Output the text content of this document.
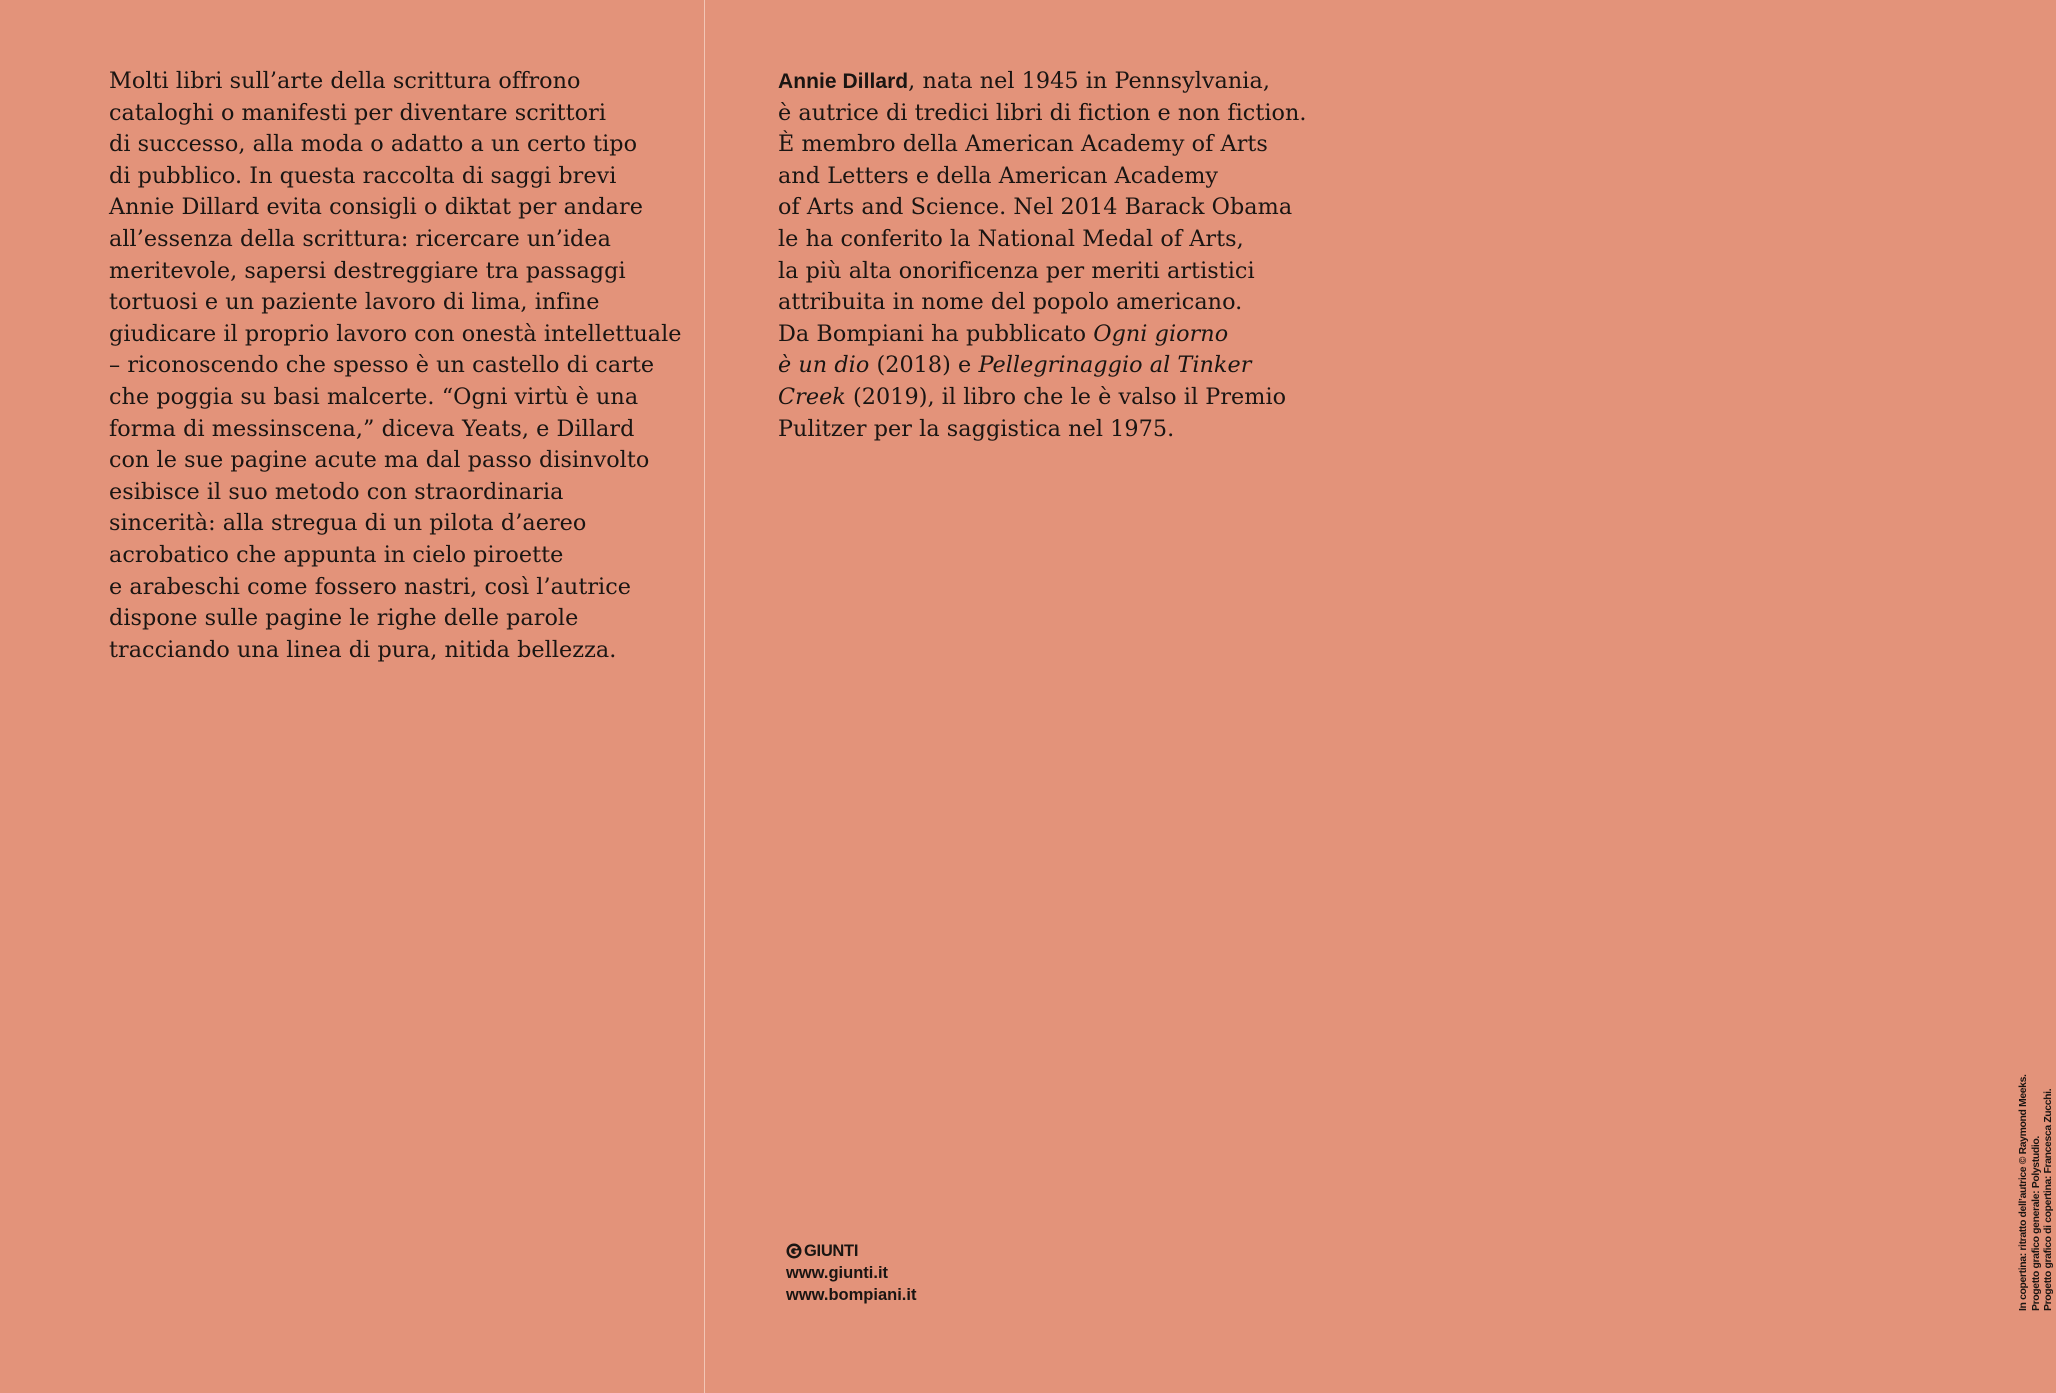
Molti libri sull’arte della scrittura offrono
cataloghi o manifesti per diventare scrittori
di successo, alla moda o adatto a un certo tipo
di pubblico. In questa raccolta di saggi brevi
Annie Dillard evita consigli o diktat per andare
all’essenza della scrittura: ricercare un’idea
meritevole, sapersi destreggiare tra passaggi
tortuosi e un paziente lavoro di lima, infine
giudicare il proprio lavoro con onestà intellettuale
– riconoscendo che spesso è un castello di carte
che poggia su basi malcerte. “Ogni virtù è una
forma di messinscena,” diceva Yeats, e Dillard
con le sue pagine acute ma dal passo disinvolto
esibisce il suo metodo con straordinaria
sincerità: alla stregua di un pilota d’aereo
acrobatico che appunta in cielo piroette
e arabeschi come fossero nastri, così l’autrice
dispone sulle pagine le righe delle parole
tracciando una linea di pura, nitida bellezza.
Annie Dillard, nata nel 1945 in Pennsylvania,
è autrice di tredici libri di fiction e non fiction.
È membro della American Academy of Arts
and Letters e della American Academy
of Arts and Science. Nel 2014 Barack Obama
le ha conferito la National Medal of Arts,
la più alta onorificenza per meriti artistici
attribuita in nome del popolo americano.
Da Bompiani ha pubblicato Ogni giorno
è un dio (2018) e Pellegrinaggio al Tinker
Creek (2019), il libro che le è valso il Premio
Pulitzer per la saggistica nel 1975.
GIUNTI
www.giunti.it
www.bompiani.it	In copertina: ritratto dell’autrice © Raymond Meeks. Progetto grafico generale: Polystudio. Progetto grafico di copertina: Francesca Zucchi.
